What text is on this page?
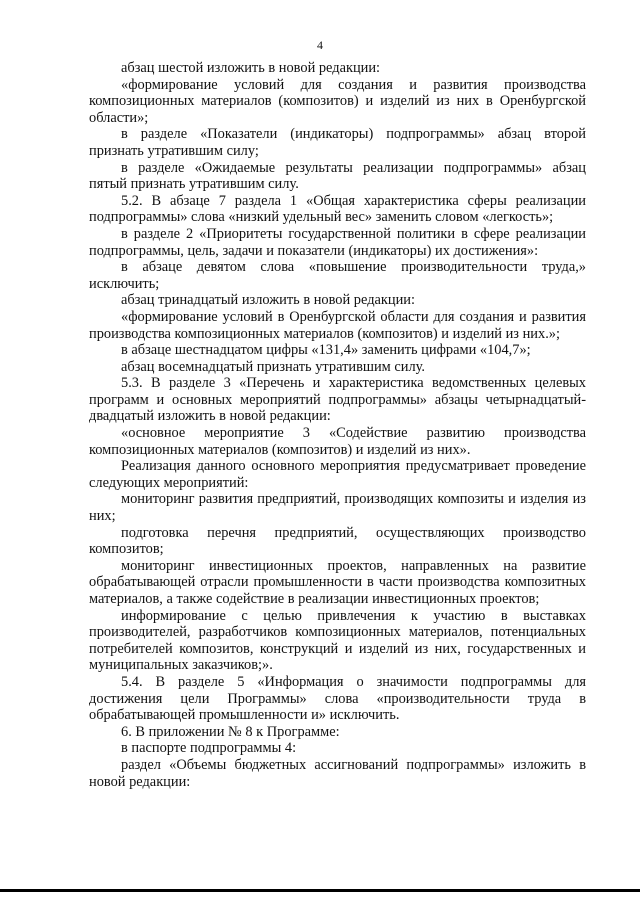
4

абзац шестой изложить в новой редакции:

«формирование условий для создания и развития производства композиционных материалов (композитов) и изделий из них в Оренбургской области»;

в разделе «Показатели (индикаторы) подпрограммы» абзац второй признать утратившим силу;

в разделе «Ожидаемые результаты реализации подпрограммы» абзац пятый признать утратившим силу.

5.2. В абзаце 7 раздела 1 «Общая характеристика сферы реализации подпрограммы» слова «низкий удельный вес» заменить словом «легкость»;

в разделе 2 «Приоритеты государственной политики в сфере реализации подпрограммы, цель, задачи и показатели (индикаторы) их достижения»:

в абзаце девятом слова «повышение производительности труда,» исключить;

абзац тринадцатый изложить в новой редакции:

«формирование условий в Оренбургской области для создания и развития производства композиционных материалов (композитов) и изделий из них.»;

в абзаце шестнадцатом цифры «131,4» заменить цифрами «104,7»;

абзац восемнадцатый признать утратившим силу.

5.3. В разделе 3 «Перечень и характеристика ведомственных целевых программ и основных мероприятий подпрограммы» абзацы четырнадцатый-двадцатый изложить в новой редакции:

«основное мероприятие 3 «Содействие развитию производства композиционных материалов (композитов) и изделий из них».

Реализация данного основного мероприятия предусматривает проведение следующих мероприятий:

мониторинг развития предприятий, производящих композиты и изделия из них;

подготовка перечня предприятий, осуществляющих производство композитов;

мониторинг инвестиционных проектов, направленных на развитие обрабатывающей отрасли промышленности в части производства композитных материалов, а также содействие в реализации инвестиционных проектов;

информирование с целью привлечения к участию в выставках производителей, разработчиков композиционных материалов, потенциальных потребителей композитов, конструкций и изделий из них, государственных и муниципальных заказчиков;».

5.4. В разделе 5 «Информация о значимости подпрограммы для достижения цели Программы» слова «производительности труда в обрабатывающей промышленности и» исключить.

6. В приложении № 8 к Программе:

в паспорте подпрограммы 4:

раздел «Объемы бюджетных ассигнований подпрограммы» изложить в новой редакции:
